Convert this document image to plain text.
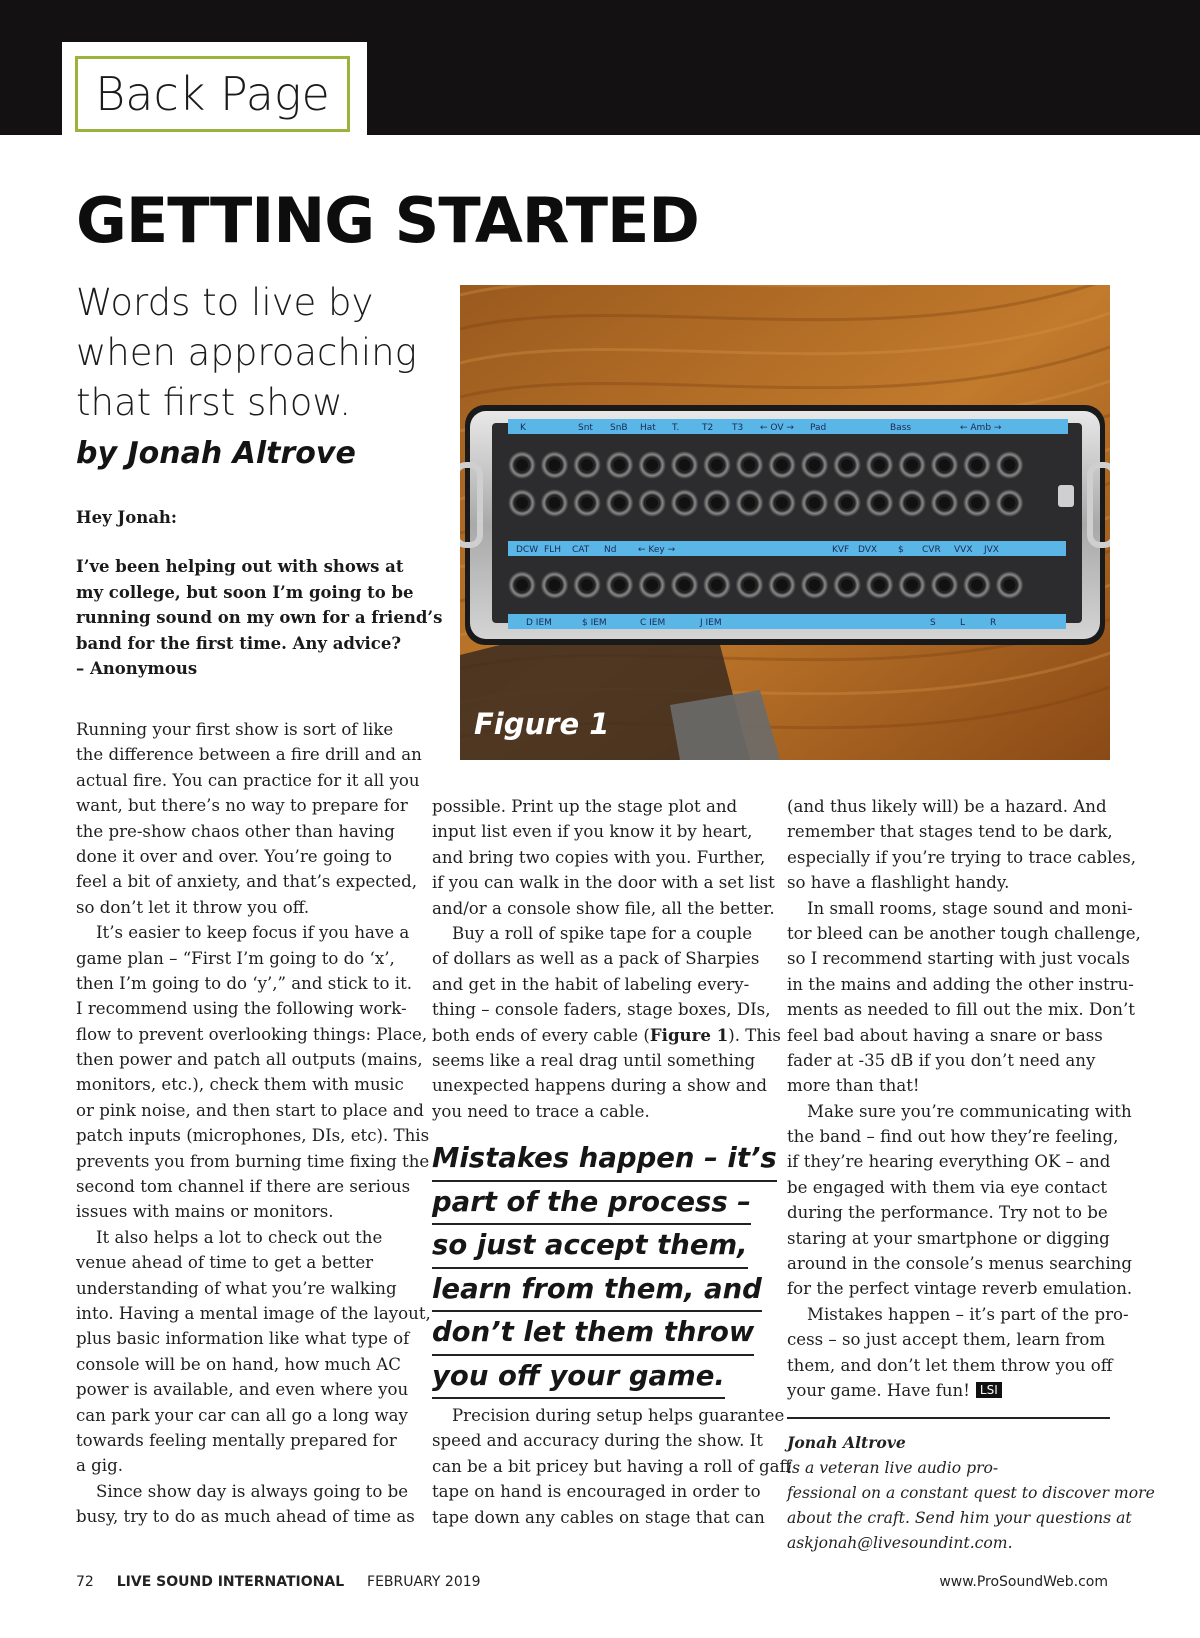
Back Page
GETTING STARTED
Words to live by
when approaching
that first show.
by Jonah Altrove
K	Snt SnB Hat T.	T2 T3 ← OV → Pad	Bass	← Amb →
DCW FLH CAT Nd ← Key →	KVF DVX $ CVR VVX JVX
D IEM	$ IEM	C IEM	J IEM	S	L	R
Figure 1
Hey Jonah:
I’ve been helping out with shows at
my college, but soon I’m going to be
running sound on my own for a friend’s
band for the first time. Any advice?
– Anonymous
Running your first show is sort of like
the difference between a fire drill and an
actual fire. You can practice for it all you
want, but there’s no way to prepare for
the pre-show chaos other than having
done it over and over. You’re going to
feel a bit of anxiety, and that’s expected,
so don’t let it throw you off.
It’s easier to keep focus if you have a
game plan – “First I’m going to do ‘x’,
then I’m going to do ‘y’,” and stick to it.
I recommend using the following work-
flow to prevent overlooking things: Place,
then power and patch all outputs (mains,
monitors, etc.), check them with music
or pink noise, and then start to place and
patch inputs (microphones, DIs, etc). This
prevents you from burning time fixing the
second tom channel if there are serious
issues with mains or monitors.
It also helps a lot to check out the
venue ahead of time to get a better
understanding of what you’re walking
into. Having a mental image of the layout,
plus basic information like what type of
console will be on hand, how much AC
power is available, and even where you
can park your car can all go a long way
towards feeling mentally prepared for
a gig.
Since show day is always going to be
busy, try to do as much ahead of time as
possible. Print up the stage plot and
input list even if you know it by heart,
and bring two copies with you. Further,
if you can walk in the door with a set list
and/or a console show file, all the better.
Buy a roll of spike tape for a couple
of dollars as well as a pack of Sharpies
and get in the habit of labeling every-
thing – console faders, stage boxes, DIs,
both ends of every cable (Figure 1). This
seems like a real drag until something
unexpected happens during a show and
you need to trace a cable.
Mistakes happen – it’s
part of the process –
so just accept them,
learn from them, and
don’t let them throw
you off your game.

Precision during setup helps guarantee
speed and accuracy during the show. It
can be a bit pricey but having a roll of gaff
tape on hand is encouraged in order to
tape down any cables on stage that can
(and thus likely will) be a hazard. And
remember that stages tend to be dark,
especially if you’re trying to trace cables,
so have a flashlight handy.
In small rooms, stage sound and moni-
tor bleed can be another tough challenge,
so I recommend starting with just vocals
in the mains and adding the other instru-
ments as needed to fill out the mix. Don’t
feel bad about having a snare or bass
fader at -35 dB if you don’t need any
more than that!
Make sure you’re communicating with
the band – find out how they’re feeling,
if they’re hearing everything OK – and
be engaged with them via eye contact
during the performance. Try not to be
staring at your smartphone or digging
around in the console’s menus searching
for the perfect vintage reverb emulation.
Mistakes happen – it’s part of the pro-
cess – so just accept them, learn from
them, and don’t let them throw you off
your game. Have fun! LSI
Jonah Altrove
is a veteran live audio pro-
fessional on a constant quest to discover more
about the craft. Send him your questions at
askjonah@livesoundint.com.
72 LIVE SOUND INTERNATIONAL FEBRUARY 2019	www.ProSoundWeb.com
